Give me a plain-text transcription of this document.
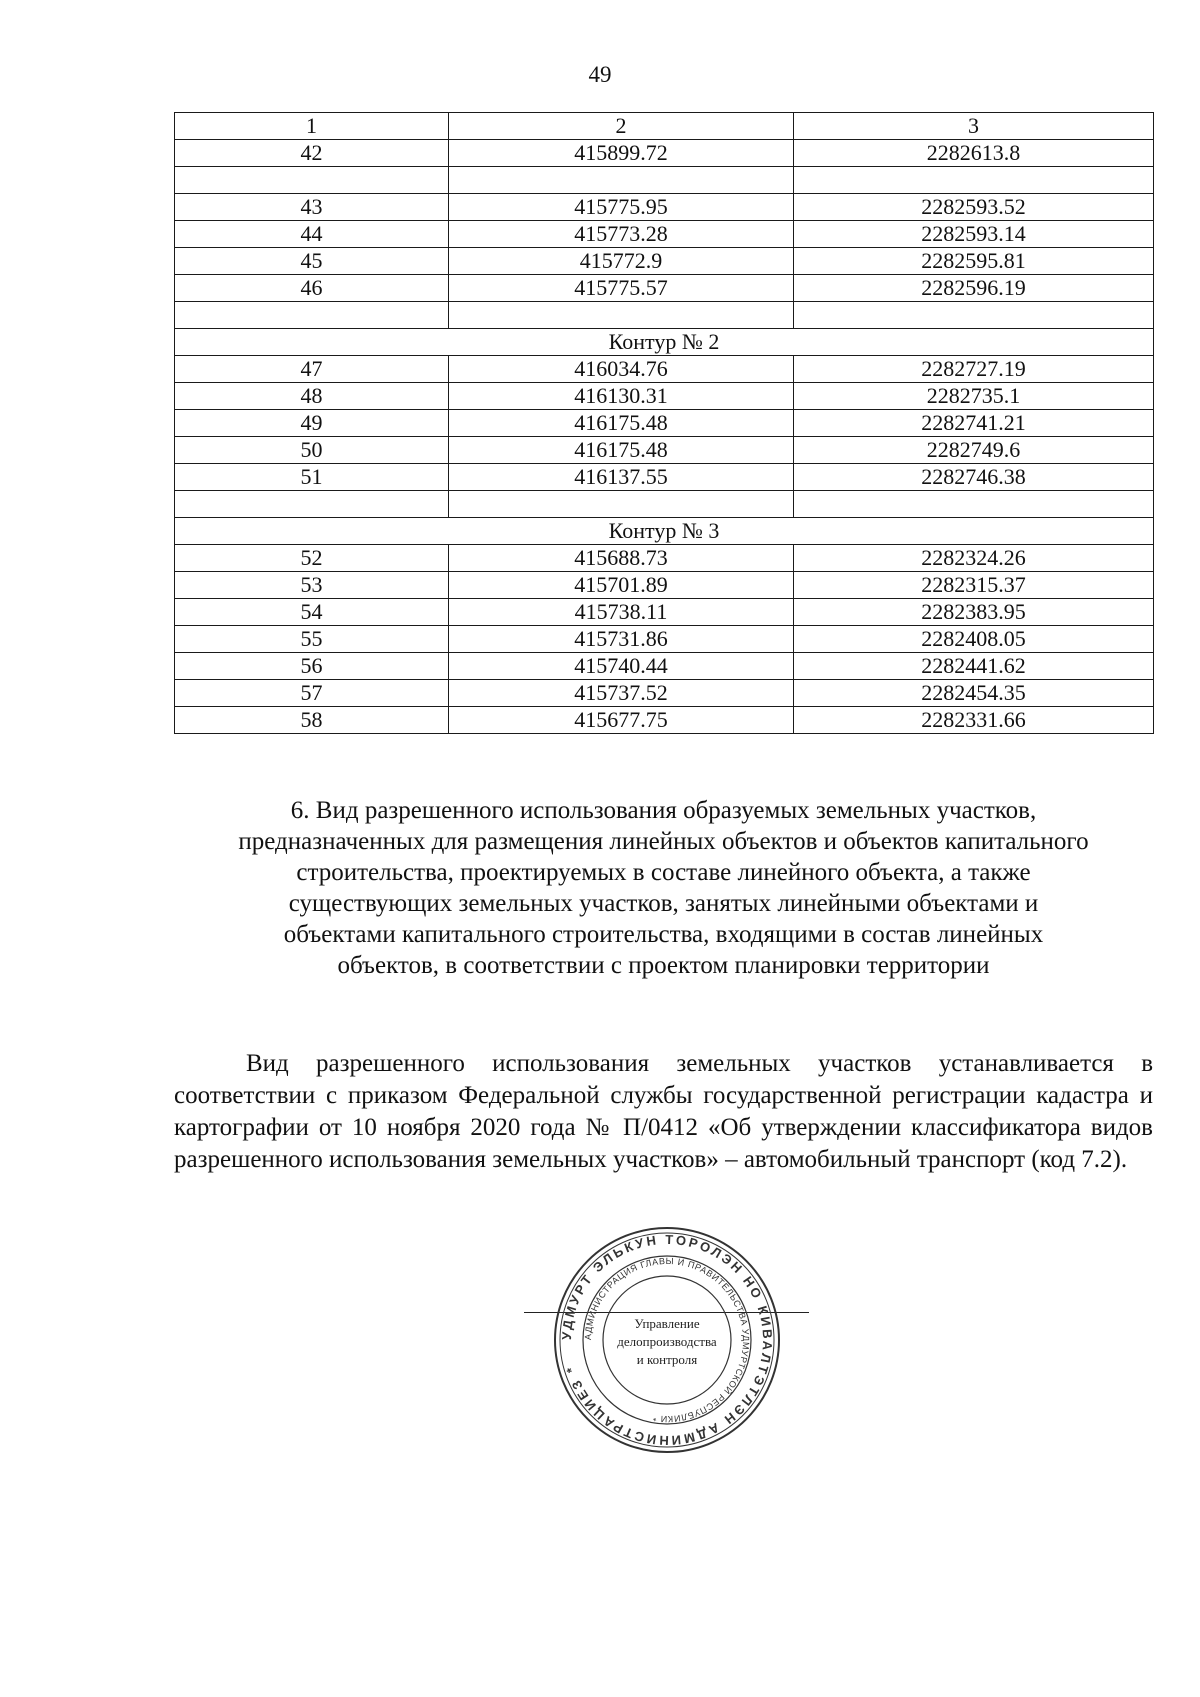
49
1	2	3
42	415899.72	2282613.8

43	415775.95	2282593.52
44	415773.28	2282593.14
45	415772.9	2282595.81
46	415775.57	2282596.19

Контур № 2		
47	416034.76	2282727.19
48	416130.31	2282735.1
49	416175.48	2282741.21
50	416175.48	2282749.6
51	416137.55	2282746.38

Контур № 3		
52	415688.73	2282324.26
53	415701.89	2282315.37
54	415738.11	2282383.95
55	415731.86	2282408.05
56	415740.44	2282441.62
57	415737.52	2282454.35
58	415677.75	2282331.66
6. Вид разрешенного использования образуемых земельных участков,
предназначенных для размещения линейных объектов и объектов капитального
строительства, проектируемых в составе линейного объекта, а также
существующих земельных участков, занятых линейными объектами и
объектами капитального строительства, входящими в состав линейных
объектов, в соответствии с проектом планировки территории

Вид разрешенного использования земельных участков устанавливается в соответствии с приказом Федеральной службы государственной регистрации кадастра и картографии от 10 ноября 2020 года № П/0412 «Об утверждении классификатора видов разрешенного использования земельных участков» – автомобильный транспорт (код 7.2).

УДМУРТ ЭЛЬКУН ТОРОЛЭН НО КИВАЛТЭТЛЭН АДМИНИСТРАЦИЕЗ *
АДМИНИСТРАЦИЯ ГЛАВЫ И ПРАВИТЕЛЬСТВА УДМУРТСКОЙ РЕСПУБЛИКИ *
Управление
делопроизводства
и контроля
